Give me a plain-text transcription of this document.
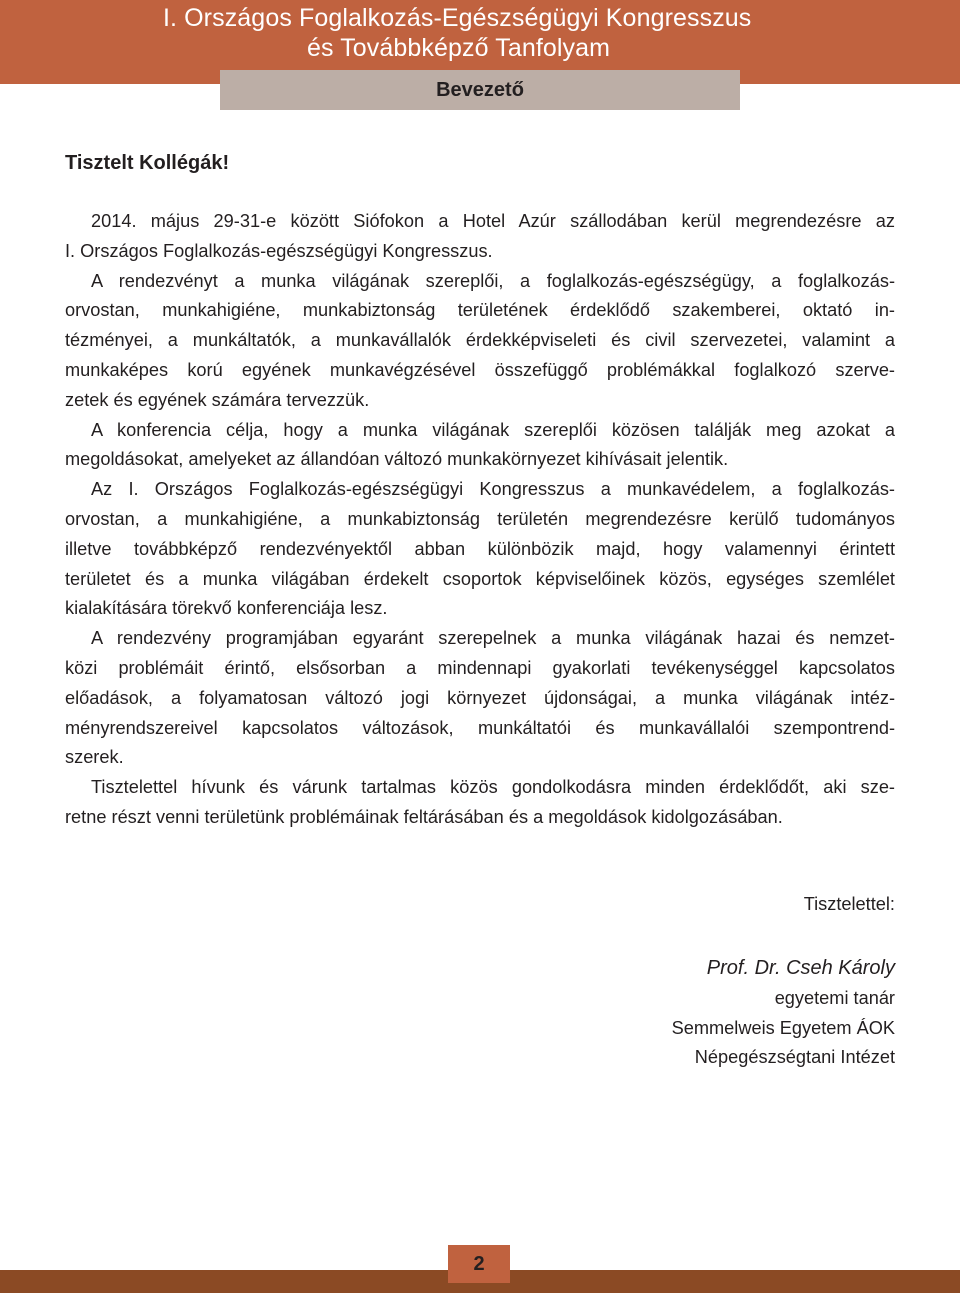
I. Országos Foglalkozás-Egészségügyi Kongresszus
és Továbbképző Tanfolyam
Bevezető
Tisztelt Kollégák!
2014. május 29-31-e között Siófokon a Hotel Azúr szállodában kerül megrendezésre az
I. Országos Foglalkozás-egészségügyi Kongresszus.
A rendezvényt a munka világának szereplői, a foglalkozás-egészségügy, a foglalkozás-
orvostan, munkahigiéne, munkabiztonság területének érdeklődő szakemberei, oktató in-
tézményei, a munkáltatók, a munkavállalók érdekképviseleti és civil szervezetei, valamint a
munkaképes korú egyének munkavégzésével összefüggő problémákkal foglalkozó szerve-
zetek és egyének számára tervezzük.
A konferencia célja, hogy a munka világának szereplői közösen találják meg azokat a
megoldásokat, amelyeket az állandóan változó munkakörnyezet kihívásait jelentik.
Az I. Országos Foglalkozás-egészségügyi Kongresszus a munkavédelem, a foglalkozás-
orvostan, a munkahigiéne, a munkabiztonság területén megrendezésre kerülő tudományos
illetve továbbképző rendezvényektől abban különbözik majd, hogy valamennyi érintett
területet és a munka világában érdekelt csoportok képviselőinek közös, egységes szemlélet
kialakítására törekvő konferenciája lesz.
A rendezvény programjában egyaránt szerepelnek a munka világának hazai és nemzet-
közi problémáit érintő, elsősorban a mindennapi gyakorlati tevékenységgel kapcsolatos
előadások, a folyamatosan változó jogi környezet újdonságai, a munka világának intéz-
ményrendszereivel kapcsolatos változások, munkáltatói és munkavállalói szempontrend-
szerek.
Tisztelettel hívunk és várunk tartalmas közös gondolkodásra minden érdeklődőt, aki sze-
retne részt venni területünk problémáinak feltárásában és a megoldások kidolgozásában.
Tisztelettel:
Prof. Dr. Cseh Károly
egyetemi tanár
Semmelweis Egyetem ÁOK
Népegészségtani Intézet
2
